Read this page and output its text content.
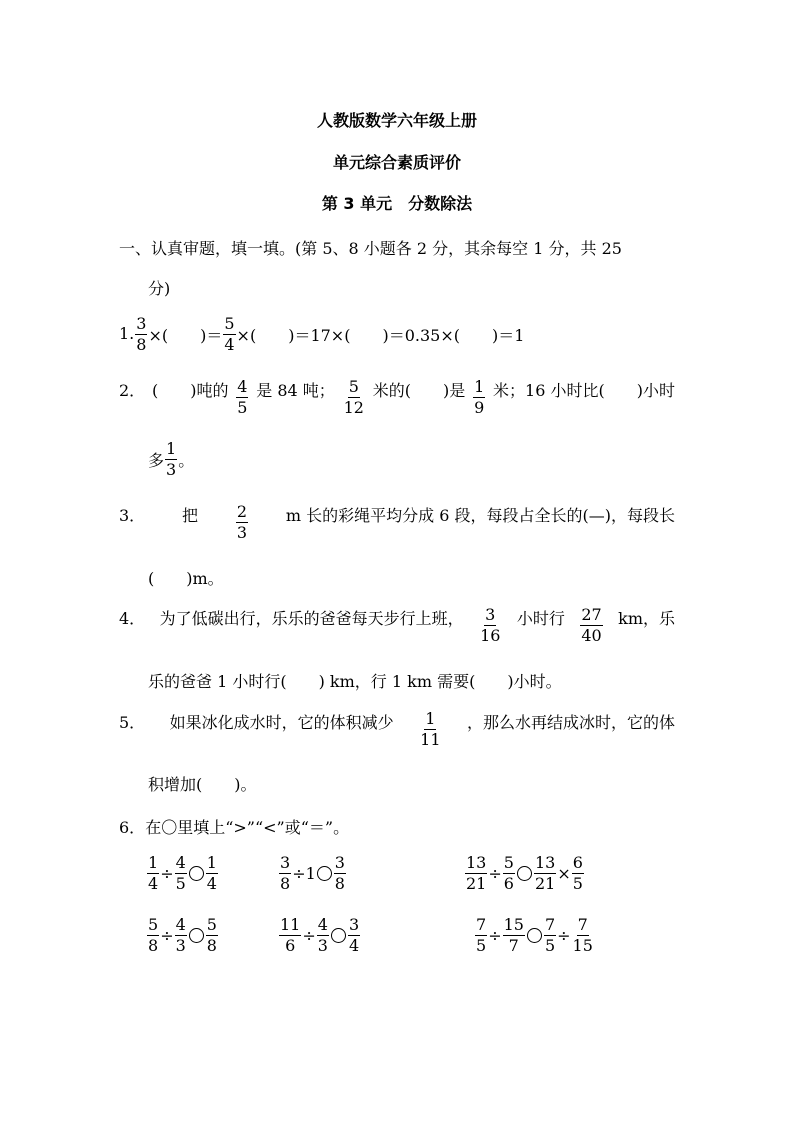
人教版数学六年级上册
单元综合素质评价
第 3 单元　分数除法
一、认真审题，填一填。(第 5、8 小题各 2 分，其余每空 1 分，共 25
分)
1. $\frac{3}{8}$ ×(　　)＝ $\frac{5}{4}$ ×(　　)＝17×(　　)＝0.35×(　　)＝1
2． (　　)吨的 $\frac{4}{5}$ 是 84 吨； $\frac{5}{12}$ 米的(　　)是 $\frac{1}{9}$ 米；16 小时比(　　)小时
多 $\frac{1}{3}$ 。
3． 把 $\frac{2}{3}$ m 长的彩绳平均分成 6 段，每段占全长的(—)，每段长
(　　)m。
4． 为了低碳出行，乐乐的爸爸每天步行上班， $\frac{3}{16}$ 小时行 $\frac{27}{40}$ km，乐
乐的爸爸 1 小时行(　　) km，行 1 km 需要(　　)小时。
5． 如果冰化成水时，它的体积减少 $\frac{1}{11}$ ，那么水再结成冰时，它的体
积增加(　　)。
6．在〇里填上“>”“<”或“＝”。
$\frac{1}{4} \div \frac{4}{5} \frac{1}{4}$	$\frac{3}{8} \div 1 \frac{3}{8}$	$\frac{13}{21} \div \frac{5}{6} \frac{13}{21} \times \frac{6}{5}$
$\frac{5}{8} \div \frac{4}{3} \frac{5}{8}$	$\frac{11}{6} \div \frac{4}{3} \frac{3}{4}$	$\frac{7}{5} \div \frac{15}{7} \frac{7}{5} \div \frac{7}{15}$
